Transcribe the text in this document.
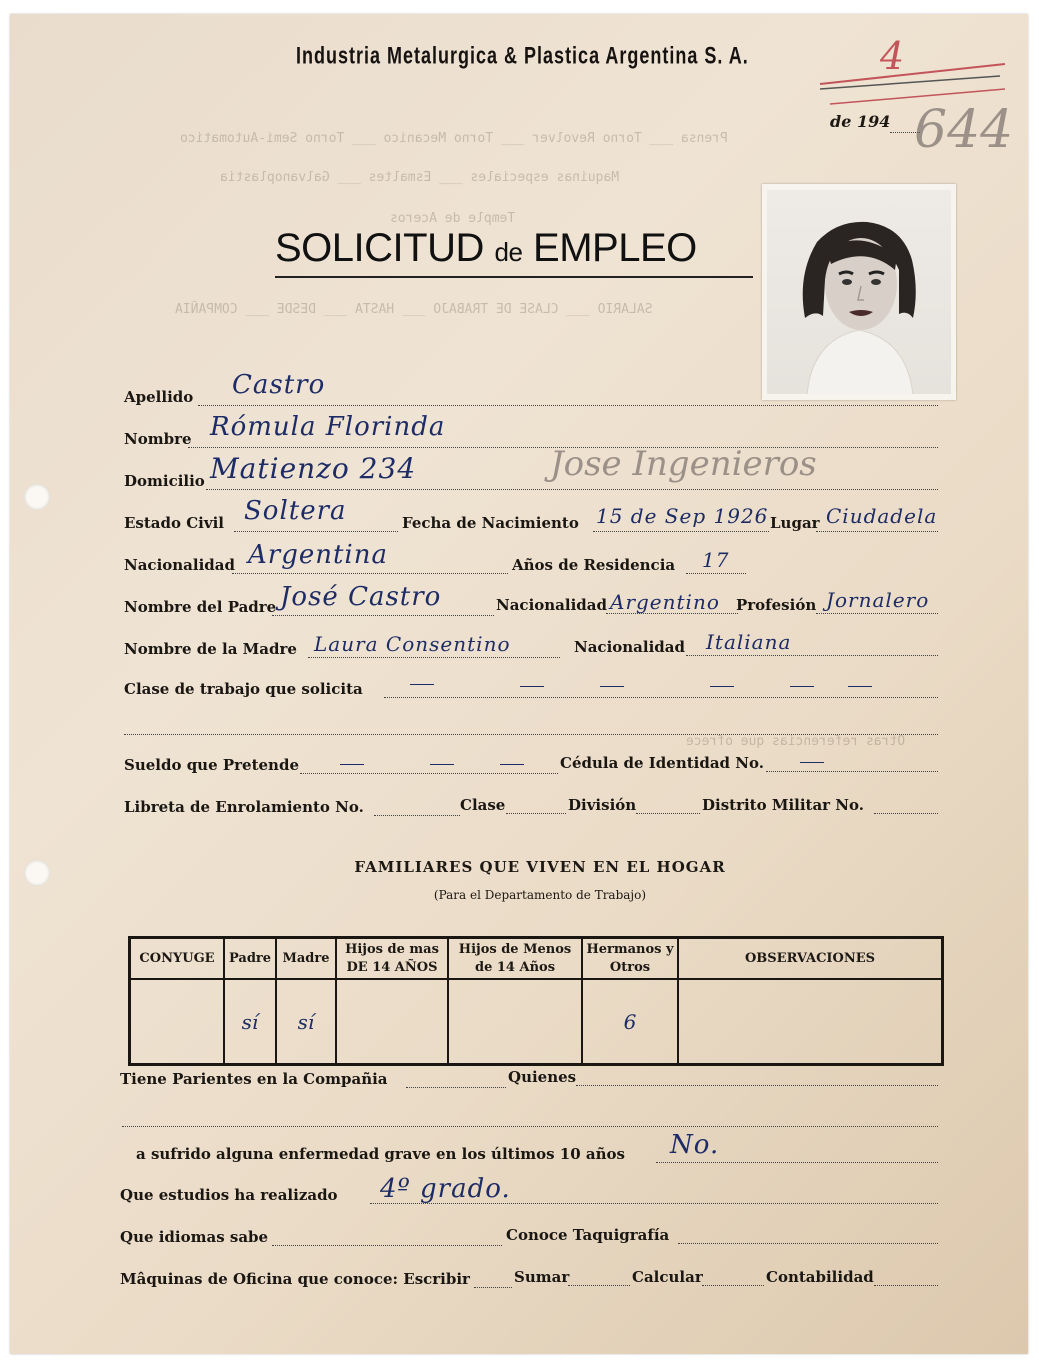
Prensa ___ Torno Revolver ___ Torno Mecanico ___ Torno Semi-Automatico
Maquinas especiales ___ Esmaltes ___ Galvanoplastia
Temple de Aceros
SALARIO ___ CLASE DE TRABAJO ___ HASTA ___ DESDE ___ COMPAÑIA
Industria Metalurgica & Plastica Argentina S. A.
de 194 644
4
SOLICITUD de EMPLEO
Apellido Castro
Nombre Rómula Florinda
Domicilio Matienzo 234	Jose Ingenieros
Estado Civil Soltera	Fecha de Nacimiento 15 de Sep 1926 Lugar Ciudadela
Nacionalidad Argentina	Años de Residencia 17
Nombre del Padre José Castro	Nacionalidad Argentino Profesión Jornalero
Nombre de la Madre Laura Consentino	Nacionalidad Italiana
Clase de trabajo que solicita
Otras referencias que ofrece
Sueldo que Pretende	Cédula de Identidad No.
Libreta de Enrolamiento No.	Clase	División	Distrito Militar No.
FAMILIARES QUE VIVEN EN EL HOGAR
(Para el Departamento de Trabajo)
CONYUGE	Padre	Madre	Hijos de mas DE 14 AÑOS	Hijos de Menos de 14 Años	Hermanos y Otros	OBSERVACIONES
	sí	sí			6	
Tiene Parientes en la Compañia	Quienes
a sufrido alguna enfermedad grave en los últimos 10 años No.
Que estudios ha realizado 4º grado.
Que idiomas sabe	Conoce Taquigrafía
Mâquinas de Oficina que conoce: Escribir	Sumar	Calcular	Contabilidad
